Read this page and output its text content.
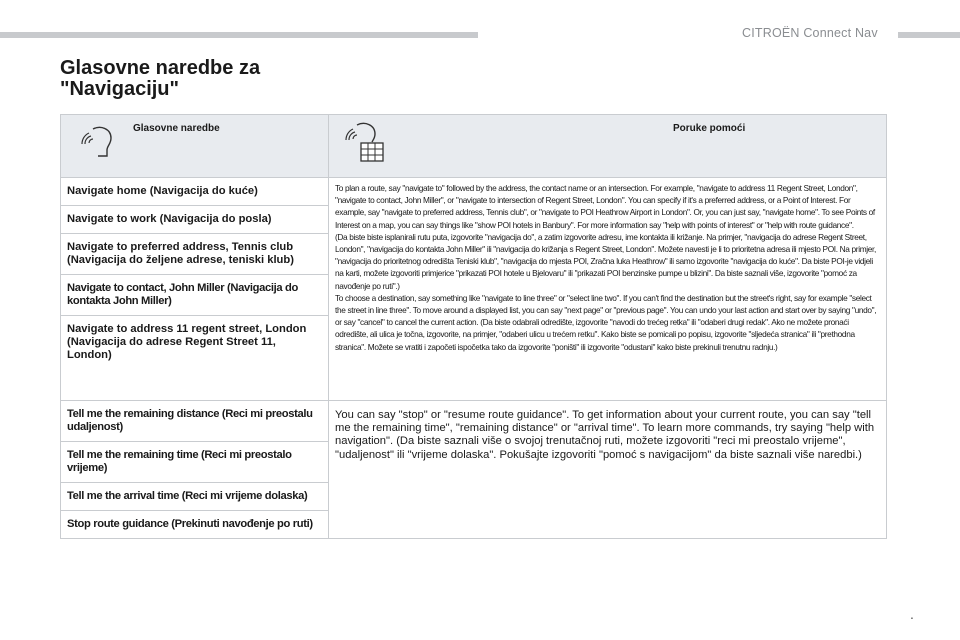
CITROËN Connect Nav
Glasovne naredbe za
"Navigaciju"
Glasovne naredbe	Poruke pomoći

Navigate home (Navigacija do kuće)	To plan a route, say "navigate to" followed by the address, the contact name or an intersection. For example, "navigate to address 11 Regent Street, London", "navigate to contact, John Miller", or "navigate to intersection of Regent Street, London". You can specify if it's a preferred address, or a Point of Interest. For example, say "navigate to preferred address, Tennis club", or "navigate to POI Heathrow Airport in London". Or, you can just say, "navigate home". To see Points of Interest on a map, you can say things like "show POI hotels in Banbury". For more information say "help with points of interest" or "help with route guidance".

(Da biste biste isplanirali rutu puta, izgovorite "navigacija do", a zatim izgovorite adresu, ime kontakta ili križanje. Na primjer, "navigacija do adrese Regent Street, London", "navigacija do kontakta John Miller" ili "navigacija do križanja s Regent Street, London". Možete navesti je li to prioritetna adresa ili mjesto POI. Na primjer, "navigacija do prioritetnog odredišta Teniski klub", "navigacija do mjesta POI, Zračna luka Heathrow" ili samo izgovorite "navigacija do kuće". Da biste POI-je vidjeli na karti, možete izgovoriti primjerice "prikazati POI hotele u Bjelovaru" ili "prikazati POI benzinske pumpe u blizini". Da biste saznali više, izgovorite "pomoć za navođenje po ruti".)

To choose a destination, say something like "navigate to line three" or "select line two". If you can't find the destination but the street's right, say for example "select the street in line three". To move around a displayed list, you can say "next page" or "previous page". You can undo your last action and start over by saying "undo", or say "cancel" to cancel the current action. (Da biste odabrali odredište, izgovorite "navodi do trećeg retka" ili "odaberi drugi redak". Ako ne možete pronaći odredište, ali ulica je točna, izgovorite, na primjer, "odaberi ulicu u trećem retku". Kako biste se pomicali po popisu, izgovorite "sljedeća stranica" ili "prethodna stranica". Možete se vratiti i započeti ispočetka tako da izgovorite "poništi" ili izgovorite "odustani" kako biste prekinuli trenutnu radnju.)

Navigate to work (Navigacija do posla)	
Navigate to preferred address, Tennis club (Navigacija do željene adrese, teniski klub)	
Navigate to contact, John Miller (Navigacija do kontakta John Miller)	
Navigate to address 11 regent street, London (Navigacija do adrese Regent Street 11, London)	
Tell me the remaining distance (Reci mi preostalu udaljenost)	You can say "stop" or "resume route guidance". To get information about your current route, you can say "tell me the remaining time", "remaining distance" or "arrival time". To learn more commands, try saying "help with navigation". (Da biste saznali više o svojoj trenutačnoj ruti, možete izgovoriti "reci mi preostalo vrijeme", "udaljenost" ili "vrijeme dolaska". Pokušajte izgovoriti "pomoć s navigacijom" da biste saznali više naredbi.)
Tell me the remaining time (Reci mi preostalo vrijeme)	
Tell me the arrival time (Reci mi vrijeme dolaska)	
Stop route guidance (Prekinuti navođenje po ruti)	
.
